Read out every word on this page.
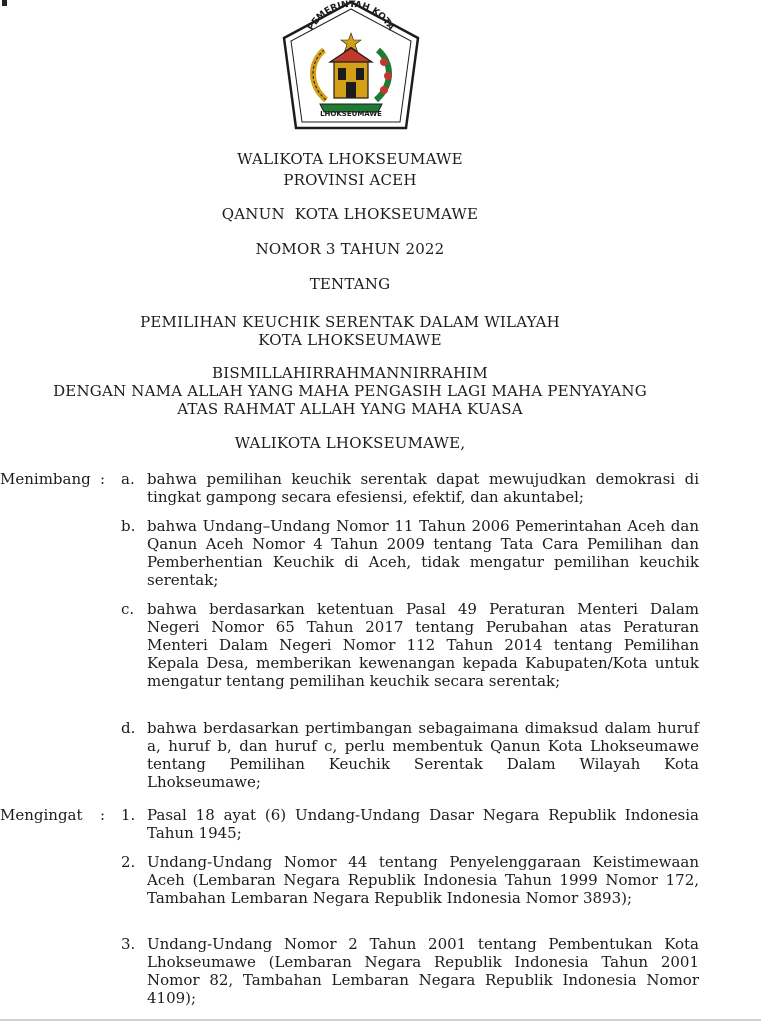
PEMERINTAH KOTA
LHOKSEUMAWE
WALIKOTA LHOKSEUMAWE
PROVINSI ACEH
QANUN  KOTA LHOKSEUMAWE
NOMOR 3 TAHUN 2022
TENTANG
PEMILIHAN KEUCHIK SERENTAK DALAM WILAYAH
KOTA LHOKSEUMAWE
BISMILLAHIRRAHMANNIRRAHIM
DENGAN NAMA ALLAH YANG MAHA PENGASIH LAGI MAHA PENYAYANG
ATAS RAHMAT ALLAH YANG MAHA KUASA
WALIKOTA LHOKSEUMAWE,
Menimbang : a. bahwa pemilihan keuchik serentak dapat mewujudkan demokrasi di tingkat gampong secara efesiensi, efektif, dan akuntabel;
b. bahwa Undang–Undang Nomor 11 Tahun 2006 Pemerintahan Aceh dan Qanun Aceh Nomor 4 Tahun 2009 tentang Tata Cara Pemilihan dan Pemberhentian Keuchik di Aceh, tidak mengatur pemilihan keuchik serentak;
c. bahwa berdasarkan ketentuan Pasal 49 Peraturan Menteri Dalam Negeri Nomor 65 Tahun 2017 tentang Perubahan atas Peraturan Menteri Dalam Negeri Nomor 112 Tahun 2014 tentang Pemilihan Kepala Desa, memberikan kewenangan kepada Kabupaten/Kota untuk mengatur tentang pemilihan keuchik secara serentak;
d. bahwa berdasarkan pertimbangan sebagaimana dimaksud dalam huruf a, huruf b, dan huruf c, perlu membentuk Qanun Kota Lhokseumawe tentang Pemilihan Keuchik Serentak Dalam Wilayah Kota Lhokseumawe;
Mengingat : 1. Pasal 18 ayat (6) Undang-Undang Dasar Negara Republik Indonesia Tahun 1945;
2. Undang-Undang Nomor 44 tentang Penyelenggaraan Keistimewaan Aceh (Lembaran Negara Republik Indonesia Tahun 1999 Nomor 172, Tambahan Lembaran Negara Republik Indonesia Nomor 3893);
3. Undang-Undang Nomor 2 Tahun 2001 tentang Pembentukan Kota Lhokseumawe (Lembaran Negara Republik Indonesia Tahun 2001 Nomor 82, Tambahan Lembaran Negara Republik Indonesia Nomor 4109);
